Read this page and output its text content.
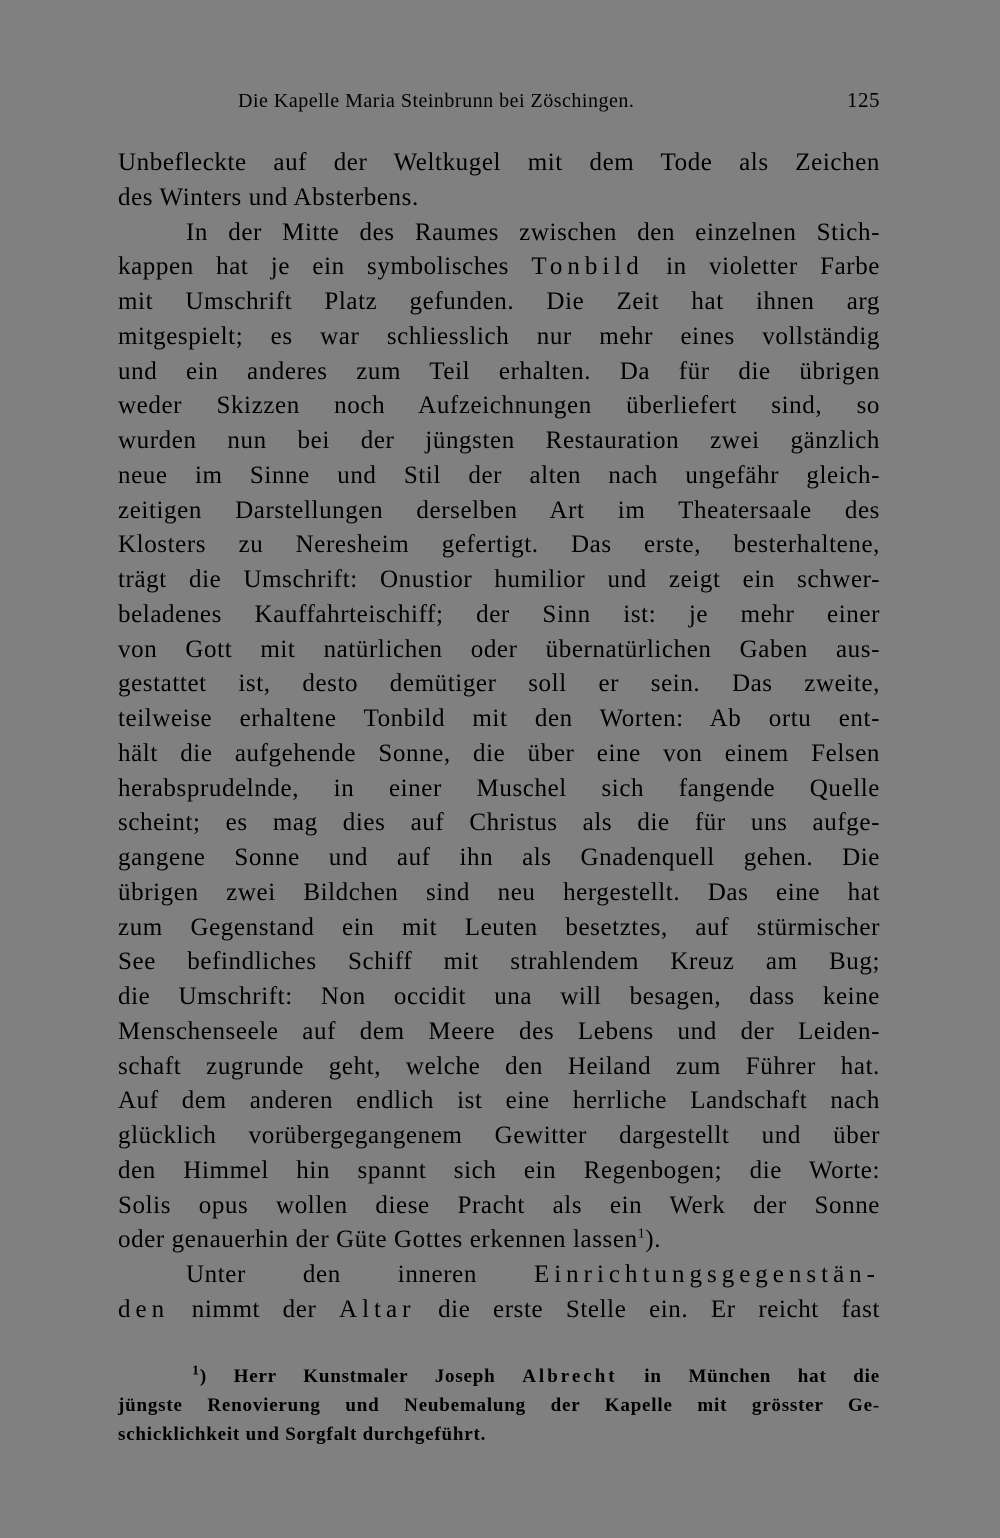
Die Kapelle Maria Steinbrunn bei Zöschingen.	125
Unbefleckte auf der Weltkugel mit dem Tode als Zeichen
des Winters und Absterbens.
In der Mitte des Raumes zwischen den einzelnen Stich-
kappen hat je ein symbolisches Tonbild in violetter Farbe
mit Umschrift Platz gefunden. Die Zeit hat ihnen arg
mitgespielt; es war schliesslich nur mehr eines vollständig
und ein anderes zum Teil erhalten. Da für die übrigen
weder Skizzen noch Aufzeichnungen überliefert sind, so
wurden nun bei der jüngsten Restauration zwei gänzlich
neue im Sinne und Stil der alten nach ungefähr gleich-
zeitigen Darstellungen derselben Art im Theatersaale des
Klosters zu Neresheim gefertigt. Das erste, besterhaltene,
trägt die Umschrift: Onustior humilior und zeigt ein schwer-
beladenes Kauffahrteischiff; der Sinn ist: je mehr einer
von Gott mit natürlichen oder übernatürlichen Gaben aus-
gestattet ist, desto demütiger soll er sein. Das zweite,
teilweise erhaltene Tonbild mit den Worten: Ab ortu ent-
hält die aufgehende Sonne, die über eine von einem Felsen
herabsprudelnde, in einer Muschel sich fangende Quelle
scheint; es mag dies auf Christus als die für uns aufge-
gangene Sonne und auf ihn als Gnadenquell gehen. Die
übrigen zwei Bildchen sind neu hergestellt. Das eine hat
zum Gegenstand ein mit Leuten besetztes, auf stürmischer
See befindliches Schiff mit strahlendem Kreuz am Bug;
die Umschrift: Non occidit una will besagen, dass keine
Menschenseele auf dem Meere des Lebens und der Leiden-
schaft zugrunde geht, welche den Heiland zum Führer hat.
Auf dem anderen endlich ist eine herrliche Landschaft nach
glücklich vorübergegangenem Gewitter dargestellt und über
den Himmel hin spannt sich ein Regenbogen; die Worte:
Solis opus wollen diese Pracht als ein Werk der Sonne
oder genauerhin der Güte Gottes erkennen lassen$^1$).
Unter den inneren Einrichtungsgegenstän-
den nimmt der Altar die erste Stelle ein. Er reicht fast
$^1$) Herr Kunstmaler Joseph Albrecht in München hat die
jüngste Renovierung und Neubemalung der Kapelle mit grösster Ge-
schicklichkeit und Sorgfalt durchgeführt.
